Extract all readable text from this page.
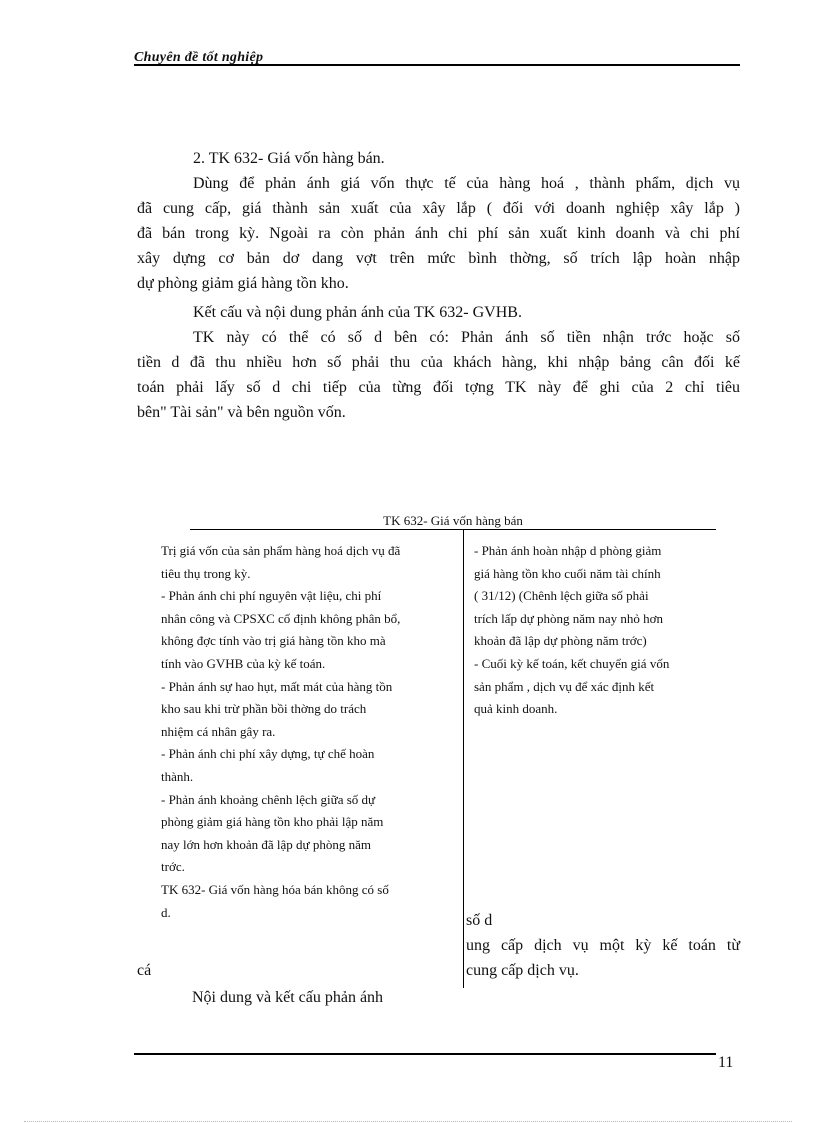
Chuyên đề tốt nghiệp
2. TK 632- Giá vốn hàng bán.
Dùng để phản ánh giá vốn thực tế của hàng hoá , thành phẩm, dịch vụ
đã cung cấp, giá thành sản xuất của xây lắp ( đối với doanh nghiệp xây lắp )
đã bán trong kỳ. Ngoài ra còn phản ánh chi phí sản xuất kinh doanh và chi phí
xây dựng cơ bản dơ dang vợt trên mức bình thờng, số trích lập hoàn nhập
dự phòng giảm giá hàng tồn kho.
Kết cấu và nội dung phản ánh của TK 632- GVHB.
TK này có thể có số d bên có: Phản ánh số tiền nhận trớc hoặc số
tiền d đã thu nhiều hơn số phải thu của khách hàng, khi nhập bảng cân đối kế
toán phải lấy số d chi tiếp của từng đối tợng TK này để ghi của 2 chỉ tiêu
bên" Tài sản" và bên nguồn vốn.
TK 632- Giá vốn hàng bán
Trị giá vốn của sản phẩm hàng hoá dịch vụ đã
tiêu thụ trong kỳ.
- Phản ánh chi phí nguyên vật liệu, chi phí
nhân công và CPSXC cố định không phân bổ,
không đợc tính vào trị giá hàng tồn kho mà
tính vào GVHB của kỳ kế toán.
- Phản ánh sự hao hụt, mất mát của hàng tồn
kho sau khi trừ phần bồi thờng do trách
nhiệm cá nhân gây ra.
- Phản ánh chi phí xây dựng, tự chế hoàn
thành.
- Phản ánh khoảng chênh lệch giữa số dự
phòng giảm giá hàng tồn kho phải lập năm
nay lớn hơn khoản đã lập dự phòng năm
trớc.
TK 632- Giá vốn hàng hóa bán không có số
d.
- Phản ánh hoàn nhập d phòng giảm
giá hàng tồn kho cuối năm tài chính
( 31/12) (Chênh lệch giữa số phải
trích lấp dự phòng năm nay nhỏ hơn
khoản đã lập dự phòng năm trớc)
- Cuối kỳ kế toán, kết chuyển giá vốn
sản phẩm , dịch vụ để xác định kết
quả kinh doanh.
số d
ung cấp dịch vụ một kỳ kế toán từ
cá	cung cấp dịch vụ.
Nội dung và kết cấu phản ánh
11
